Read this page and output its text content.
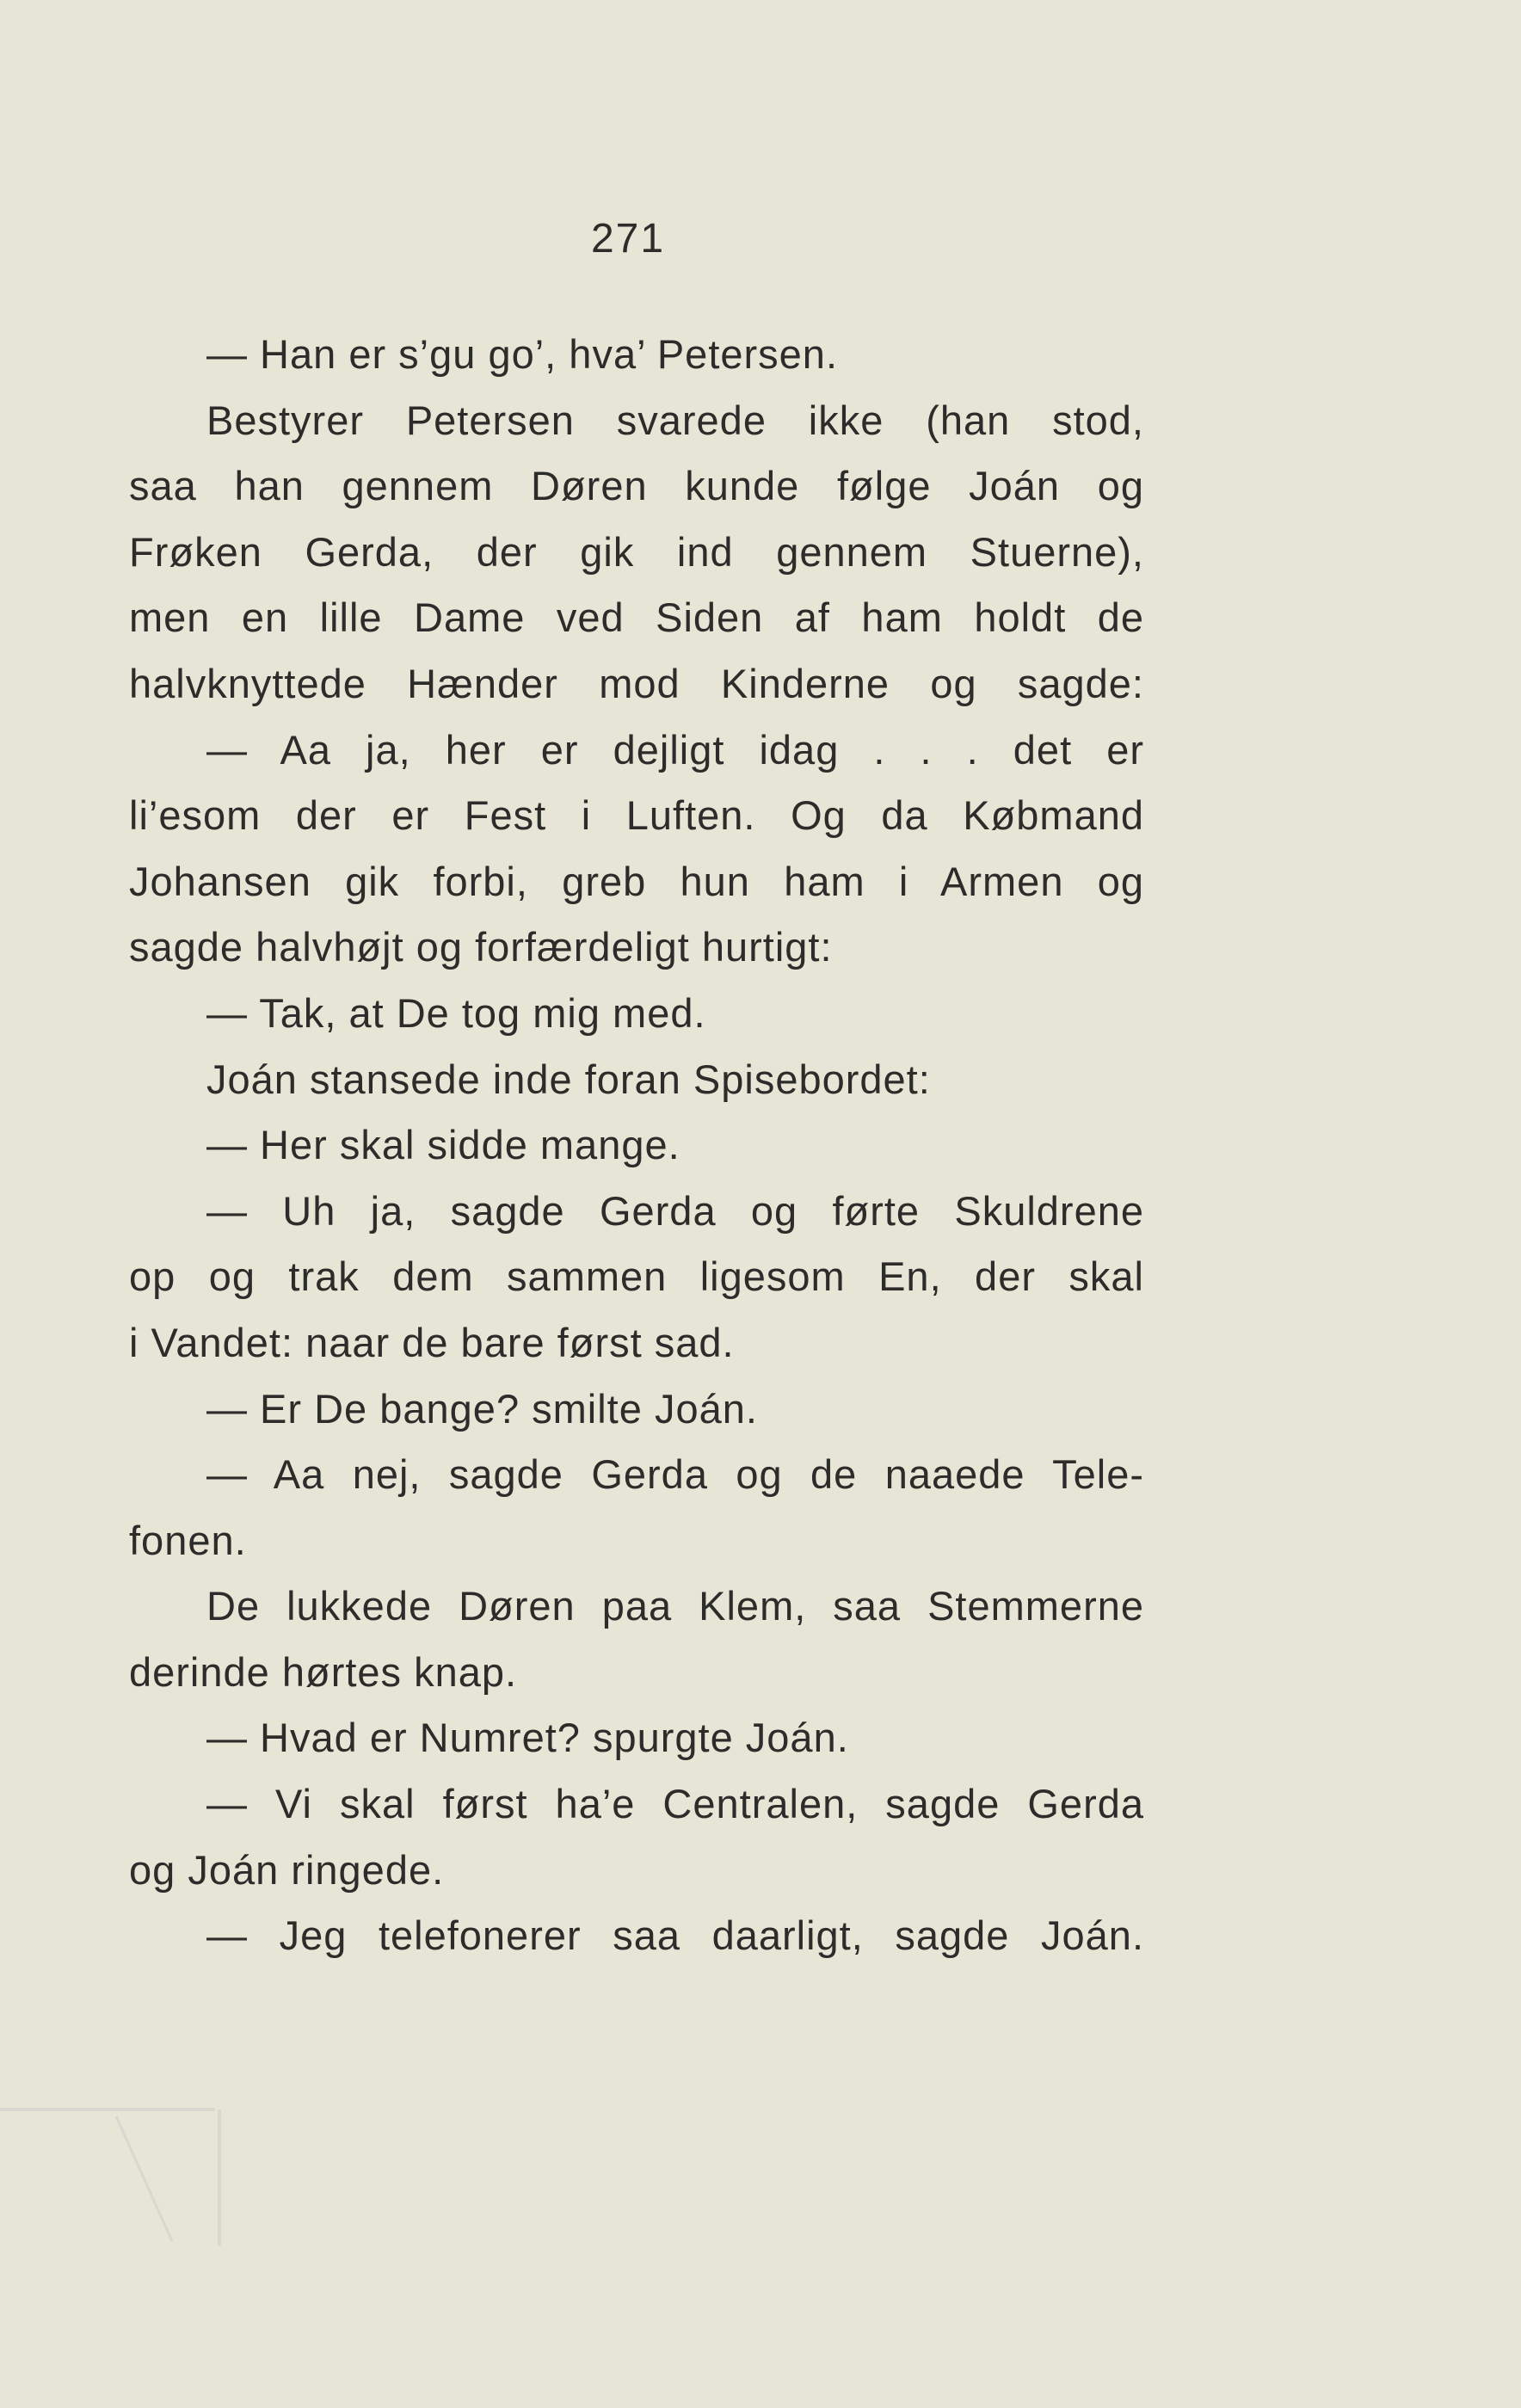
271
— Han er s’gu go’, hva’ Petersen.
Bestyrer Petersen svarede ikke (han stod,
saa han gennem Døren kunde følge Joán og
Frøken Gerda, der gik ind gennem Stuerne),
men en lille Dame ved Siden af ham holdt de
halvknyttede Hænder mod Kinderne og sagde:
— Aa ja, her er dejligt idag . . . det er
li’esom der er Fest i Luften. Og da Købmand
Johansen gik forbi, greb hun ham i Armen og
sagde halvhøjt og forfærdeligt hurtigt:
— Tak, at De tog mig med.
Joán stansede inde foran Spisebordet:
— Her skal sidde mange.
— Uh ja, sagde Gerda og førte Skuldrene
op og trak dem sammen ligesom En, der skal
i Vandet: naar de bare først sad.
— Er De bange? smilte Joán.
— Aa nej, sagde Gerda og de naaede Tele-
fonen.
De lukkede Døren paa Klem, saa Stemmerne
derinde hørtes knap.
— Hvad er Numret? spurgte Joán.
— Vi skal først ha’e Centralen, sagde Gerda
og Joán ringede.
— Jeg telefonerer saa daarligt, sagde Joán.
